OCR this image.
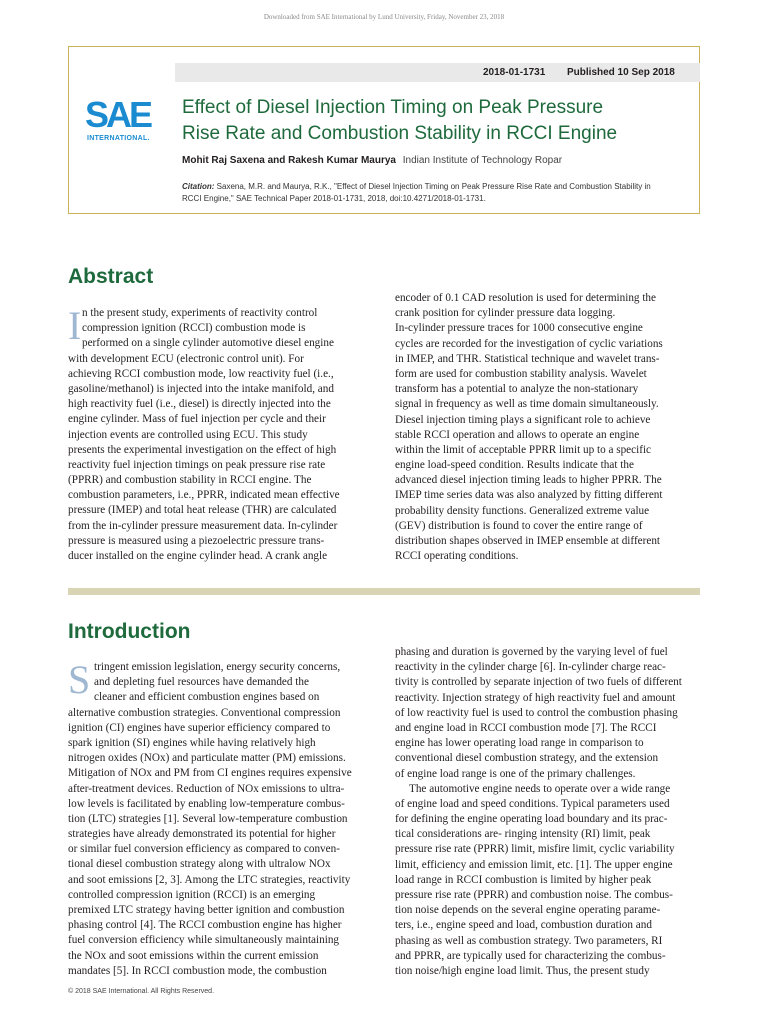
Downloaded from SAE International by Lund University, Friday, November 23, 2018
2018-01-1731 Published 10 Sep 2018
SAE
INTERNATIONAL.
Effect of Diesel Injection Timing on Peak Pressure
Rise Rate and Combustion Stability in RCCI Engine
Mohit Raj Saxena and Rakesh Kumar Maurya Indian Institute of Technology Ropar
Citation: Saxena, M.R. and Maurya, R.K., "Effect of Diesel Injection Timing on Peak Pressure Rise Rate and Combustion Stability in
RCCI Engine," SAE Technical Paper 2018-01-1731, 2018, doi:10.4271/2018-01-1731.
Abstract
I n the present study, experiments of reactivity control
compression ignition (RCCI) combustion mode is
performed on a single cylinder automotive diesel engine
with development ECU (electronic control unit). For
achieving RCCI combustion mode, low reactivity fuel (i.e.,
gasoline/methanol) is injected into the intake manifold, and
high reactivity fuel (i.e., diesel) is directly injected into the
engine cylinder. Mass of fuel injection per cycle and their
injection events are controlled using ECU. This study
presents the experimental investigation on the effect of high
reactivity fuel injection timings on peak pressure rise rate
(PPRR) and combustion stability in RCCI engine. The
combustion parameters, i.e., PPRR, indicated mean effective
pressure (IMEP) and total heat release (THR) are calculated
from the in-cylinder pressure measurement data. In-cylinder
pressure is measured using a piezoelectric pressure trans-
ducer installed on the engine cylinder head. A crank angle
encoder of 0.1 CAD resolution is used for determining the
crank position for cylinder pressure data logging.
In-cylinder pressure traces for 1000 consecutive engine
cycles are recorded for the investigation of cyclic variations
in IMEP, and THR. Statistical technique and wavelet trans-
form are used for combustion stability analysis. Wavelet
transform has a potential to analyze the non-stationary
signal in frequency as well as time domain simultaneously.
Diesel injection timing plays a significant role to achieve
stable RCCI operation and allows to operate an engine
within the limit of acceptable PPRR limit up to a specific
engine load-speed condition. Results indicate that the
advanced diesel injection timing leads to higher PPRR. The
IMEP time series data was also analyzed by fitting different
probability density functions. Generalized extreme value
(GEV) distribution is found to cover the entire range of
distribution shapes observed in IMEP ensemble at different
RCCI operating conditions.
Introduction
S tringent emission legislation, energy security concerns,
and depleting fuel resources have demanded the
cleaner and efficient combustion engines based on
alternative combustion strategies. Conventional compression
ignition (CI) engines have superior efficiency compared to
spark ignition (SI) engines while having relatively high
nitrogen oxides (NOx) and particulate matter (PM) emissions.
Mitigation of NOx and PM from CI engines requires expensive
after-treatment devices. Reduction of NOx emissions to ultra-
low levels is facilitated by enabling low-temperature combus-
tion (LTC) strategies [1]. Several low-temperature combustion
strategies have already demonstrated its potential for higher
or similar fuel conversion efficiency as compared to conven-
tional diesel combustion strategy along with ultralow NOx
and soot emissions [2, 3]. Among the LTC strategies, reactivity
controlled compression ignition (RCCI) is an emerging
premixed LTC strategy having better ignition and combustion
phasing control [4]. The RCCI combustion engine has higher
fuel conversion efficiency while simultaneously maintaining
the NOx and soot emissions within the current emission
mandates [5]. In RCCI combustion mode, the combustion
phasing and duration is governed by the varying level of fuel
reactivity in the cylinder charge [6]. In-cylinder charge reac-
tivity is controlled by separate injection of two fuels of different
reactivity. Injection strategy of high reactivity fuel and amount
of low reactivity fuel is used to control the combustion phasing
and engine load in RCCI combustion mode [7]. The RCCI
engine has lower operating load range in comparison to
conventional diesel combustion strategy, and the extension
of engine load range is one of the primary challenges.
The automotive engine needs to operate over a wide range
of engine load and speed conditions. Typical parameters used
for defining the engine operating load boundary and its prac-
tical considerations are- ringing intensity (RI) limit, peak
pressure rise rate (PPRR) limit, misfire limit, cyclic variability
limit, efficiency and emission limit, etc. [1]. The upper engine
load range in RCCI combustion is limited by higher peak
pressure rise rate (PPRR) and combustion noise. The combus-
tion noise depends on the several engine operating parame-
ters, i.e., engine speed and load, combustion duration and
phasing as well as combustion strategy. Two parameters, RI
and PPRR, are typically used for characterizing the combus-
tion noise/high engine load limit. Thus, the present study
© 2018 SAE International. All Rights Reserved.
